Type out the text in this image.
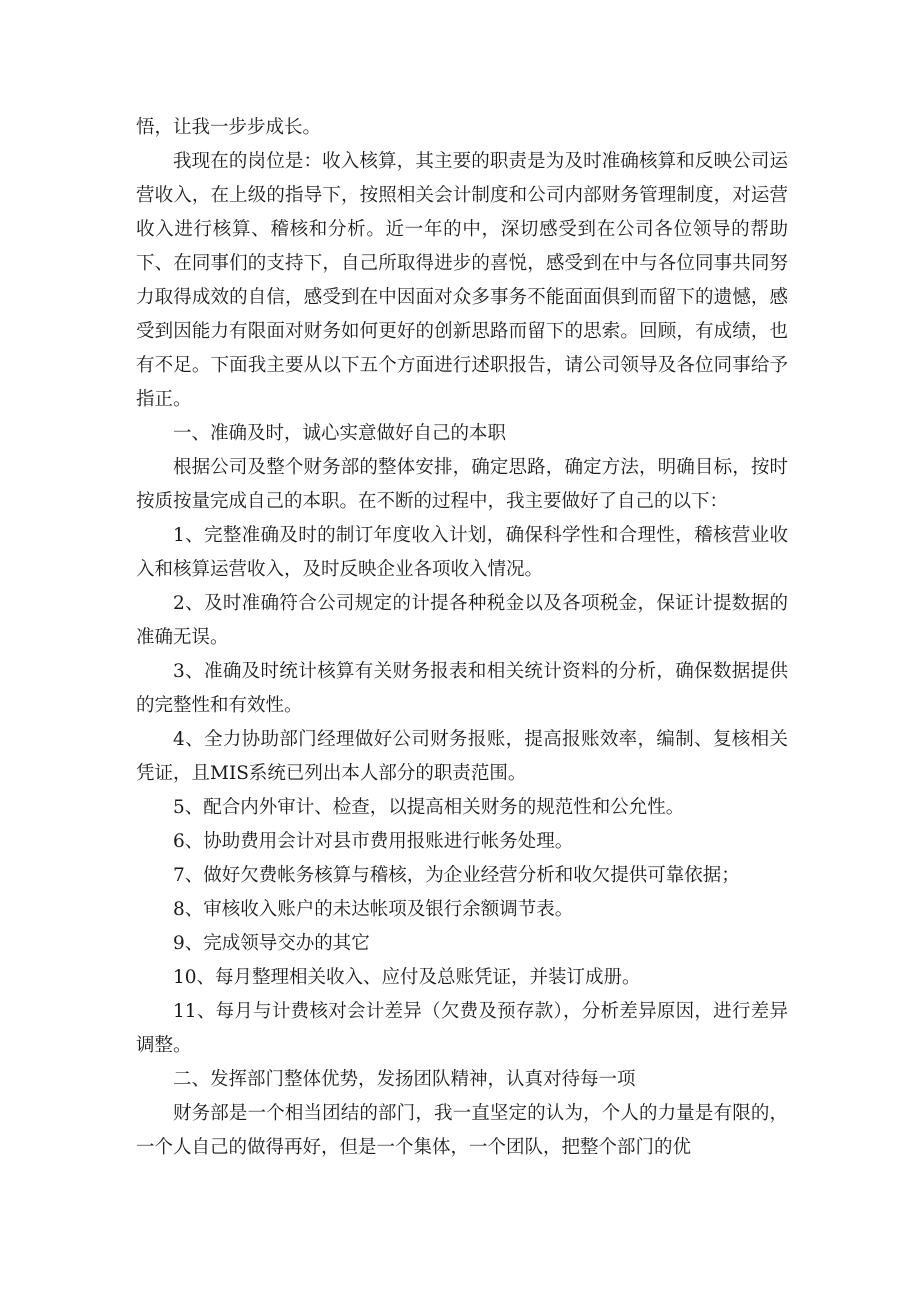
悟，让我一步步成长。

我现在的岗位是：收入核算，其主要的职责是为及时准确核算和反映公司运营收入，在上级的指导下，按照相关会计制度和公司内部财务管理制度，对运营收入进行核算、稽核和分析。近一年的中，深切感受到在公司各位领导的帮助下、在同事们的支持下，自己所取得进步的喜悦，感受到在中与各位同事共同努力取得成效的自信，感受到在中因面对众多事务不能面面俱到而留下的遗憾，感受到因能力有限面对财务如何更好的创新思路而留下的思索。回顾，有成绩，也有不足。下面我主要从以下五个方面进行述职报告，请公司领导及各位同事给予指正。

一、准确及时，诚心实意做好自己的本职

根据公司及整个财务部的整体安排，确定思路，确定方法，明确目标，按时按质按量完成自己的本职。在不断的过程中，我主要做好了自己的以下：

1、完整准确及时的制订年度收入计划，确保科学性和合理性，稽核营业收入和核算运营收入，及时反映企业各项收入情况。

2、及时准确符合公司规定的计提各种税金以及各项税金，保证计提数据的准确无误。

3、准确及时统计核算有关财务报表和相关统计资料的分析，确保数据提供的完整性和有效性。

4、全力协助部门经理做好公司财务报账，提高报账效率，编制、复核相关凭证，且MIS系统已列出本人部分的职责范围。

5、配合内外审计、检查，以提高相关财务的规范性和公允性。

6、协助费用会计对县市费用报账进行帐务处理。

7、做好欠费帐务核算与稽核，为企业经营分析和收欠提供可靠依据；

8、审核收入账户的未达帐项及银行余额调节表。

9、完成领导交办的其它

10、每月整理相关收入、应付及总账凭证，并装订成册。

11、每月与计费核对会计差异（欠费及预存款），分析差异原因，进行差异调整。

二、发挥部门整体优势，发扬团队精神，认真对待每一项

财务部是一个相当团结的部门，我一直坚定的认为，个人的力量是有限的，一个人自己的做得再好，但是一个集体，一个团队，把整个部门的优
